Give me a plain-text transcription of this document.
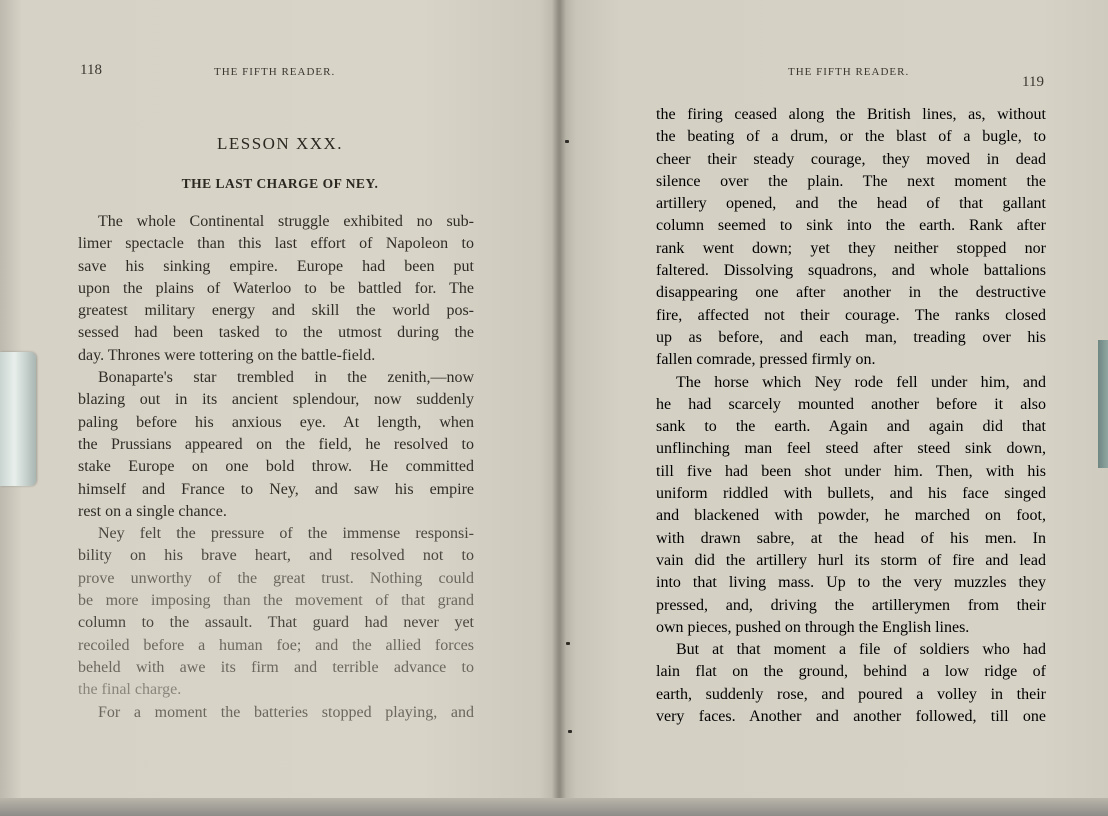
118	THE FIFTH READER.
LESSON XXX.
THE LAST CHARGE OF NEY.
The whole Continental struggle exhibited no sub-
limer spectacle than this last effort of Napoleon to
save his sinking empire. Europe had been put
upon the plains of Waterloo to be battled for. The
greatest military energy and skill the world pos-
sessed had been tasked to the utmost during the
day. Thrones were tottering on the battle-field.
Bonaparte's star trembled in the zenith,—now
blazing out in its ancient splendour, now suddenly
paling before his anxious eye. At length, when
the Prussians appeared on the field, he resolved to
stake Europe on one bold throw. He committed
himself and France to Ney, and saw his empire
rest on a single chance.
Ney felt the pressure of the immense responsi-
bility on his brave heart, and resolved not to
prove unworthy of the great trust. Nothing could
be more imposing than the movement of that grand
column to the assault. That guard had never yet
recoiled before a human foe; and the allied forces
beheld with awe its firm and terrible advance to
the final charge.
For a moment the batteries stopped playing, and
THE FIFTH READER.
119
the firing ceased along the British lines, as, without
the beating of a drum, or the blast of a bugle, to
cheer their steady courage, they moved in dead
silence over the plain. The next moment the
artillery opened, and the head of that gallant
column seemed to sink into the earth. Rank after
rank went down; yet they neither stopped nor
faltered. Dissolving squadrons, and whole battalions
disappearing one after another in the destructive
fire, affected not their courage. The ranks closed
up as before, and each man, treading over his
fallen comrade, pressed firmly on.
The horse which Ney rode fell under him, and
he had scarcely mounted another before it also
sank to the earth. Again and again did that
unflinching man feel steed after steed sink down,
till five had been shot under him. Then, with his
uniform riddled with bullets, and his face singed
and blackened with powder, he marched on foot,
with drawn sabre, at the head of his men. In
vain did the artillery hurl its storm of fire and lead
into that living mass. Up to the very muzzles they
pressed, and, driving the artillerymen from their
own pieces, pushed on through the English lines.
But at that moment a file of soldiers who had
lain flat on the ground, behind a low ridge of
earth, suddenly rose, and poured a volley in their
very faces. Another and another followed, till one
